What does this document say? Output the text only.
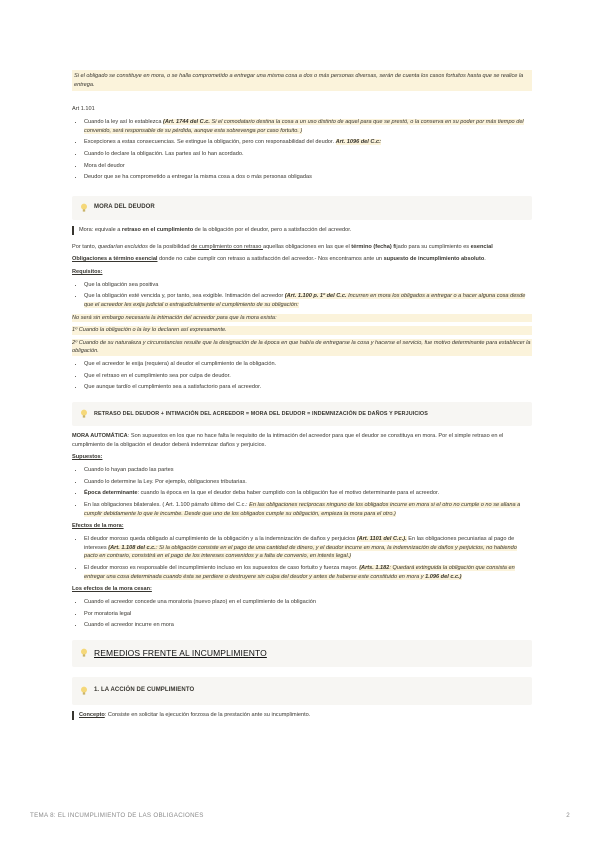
Si el obligado se constituye en mora, o se halla comprometido a entregar una misma cosa a dos o más personas diversas, serán de cuenta los casos fortuitos hasta que se realice la entrega.

Art 1.101

• Cuando la ley así lo establezca (Art. 1744 del C.c. Si el comodatario destina la cosa a un uso distinto de aquel para que se prestó, o la conserva en su poder por más tiempo del convenido, será responsable de su pérdida, aunque esta sobrevenga por caso fortuito. )
• Excepciones a estas consecuencias. Se extingue la obligación, pero con responsabilidad del deudor. Art. 1096 del C.c:
• Cuando lo declare la obligación. Las partes así lo han acordado.
• Mora del deudor
• Deudor que se ha comprometido a entregar la misma cosa a dos o más personas obligadas
MORA DEL DEUDOR
Mora: equivale a retraso en el cumplimiento de la obligación por el deudor, pero a satisfacción del acreedor.

Por tanto, quedarían excluidos de la posibilidad de cumplimiento con retraso aquellas obligaciones en las que el término (fecha) fijado para su cumplimiento es esencial

Obligaciones a término esencial donde no cabe cumplir con retraso a satisfacción del acreedor.- Nos encontramos ante un supuesto de incumplimiento absoluto.

Requisitos:

• Que la obligación sea positiva
• Que la obligación esté vencida y, por tanto, sea exigible. Intimación del acreedor (Art. 1.100 p. 1º del C.c. Incurren en mora los obligados a entregar o a hacer alguna cosa desde que el acreedor les exija judicial o extrajudicialmente el cumplimiento de su obligación:

No será sin embargo necesaria la intimación del acreedor para que la mora exista:

1º Cuando la obligación o la ley lo declaren así expresamente.

2º Cuando de su naturaleza y circunstancias resulte que la designación de la época en que había de entregarse la cosa y hacerse el servicio, fue motivo determinante para establecer la obligación.

• Que el acreedor le exija (requiera) al deudor el cumplimiento de la obligación.
• Que el retraso en el cumplimiento sea por culpa de deudor.
• Que aunque tardío el cumplimiento sea a satisfactorio para el acreedor.
RETRASO DEL DEUDOR + INTIMACIÓN DEL ACREEDOR = MORA DEL DEUDOR = INDEMNIZACIÓN DE DAÑOS Y PERJUICIOS

MORA AUTOMÁTICA: Son supuestos en los que no hace falta le requisito de la intimación del acreedor para que el deudor se constituya en mora. Por el simple retraso en el cumplimiento de la obligación el deudor deberá indemnizar daños y perjuicios.

Supuestos:

• Cuando lo hayan pactado las partes
• Cuando lo determine la Ley. Por ejemplo, obligaciones tributarias.
• Época determinante: cuando la época en la que el deudor deba haber cumplido con la obligación fue el motivo determinante para el acreedor.
• En las obligaciones bilaterales. ( Art. 1.100 párrafo último del C.c.: En las obligaciones recíprocas ninguno de los obligados incurre en mora si el otro no cumple o no se allana a cumplir debidamente lo que le incumbe. Desde que uno de los obligados cumple su obligación, empieza la mora para el otro.)

Efectos de la mora:

• El deudor moroso queda obligado al cumplimiento de la obligación y a la indemnización de daños y perjuicios (Art. 1101 del C.c.). En las obligaciones pecuniarias al pago de intereses (Art. 1.108 del c.c.: Si la obligación consiste en el pago de una cantidad de dinero, y el deudor incurre en mora, la indemnización de daños y perjuicios, no habiendo pacto en contrario, consistirá en el pago de los intereses convenidos y a falta de convenio, en interés legal.)
• El deudor moroso es responsable del incumplimiento incluso en los supuestos de caso fortuito y fuerza mayor. (Arts. 1.182: Quedará extinguida la obligación que consista en entregar una cosa determinada cuando ésta se perdiere o destruyere sin culpa del deudor y antes de haberse este constituido en mora y 1.096 del c.c.)

Los efectos de la mora cesan:

• Cuando el acreedor concede una moratoria (nuevo plazo) en el cumplimiento de la obligación
• Por moratoria legal
• Cuando el acreedor incurre en mora
REMEDIOS FRENTE AL INCUMPLIMIENTO
1. LA ACCIÓN DE CUMPLIMIENTO
Concepto: Consiste en solicitar la ejecución forzosa de la prestación ante su incumplimiento.
TEMA 8: EL INCUMPLIMIENTO DE LAS OBLIGACIONES	2
